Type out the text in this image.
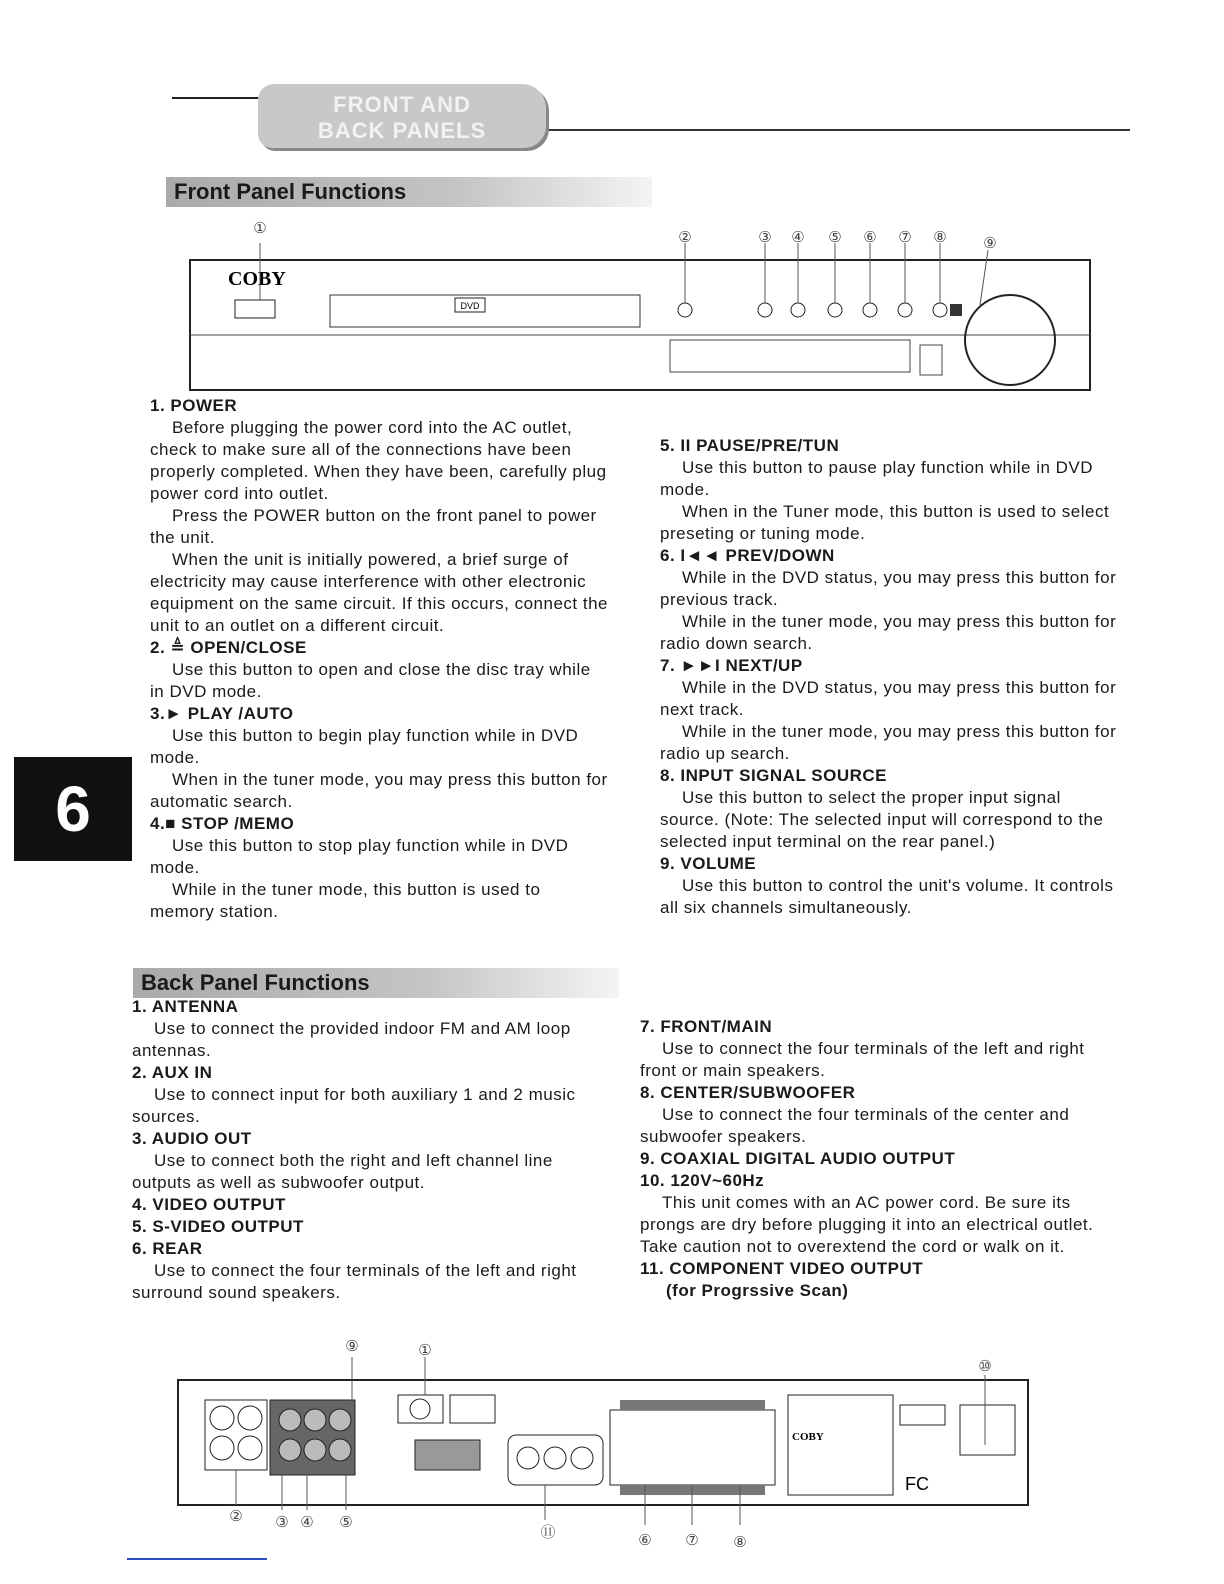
FRONT AND
BACK PANELS
Front Panel Functions
DVD
COBY
①	②	③ ④ ⑤ ⑥ ⑦ ⑧ ⑨
1. POWER
Before plugging the power cord into the AC outlet, check to make sure all of the connections have been properly completed. When they have been, carefully plug power cord into outlet.
Press the POWER button on the front panel to power the unit.
When the unit is initially powered, a brief surge of electricity may cause interference with other electronic equipment on the same circuit. If this occurs, connect the unit to an outlet on a different circuit.
2. ≜ OPEN/CLOSE
Use this button to open and close the disc tray while in DVD mode.
3.► PLAY /AUTO
Use this button to begin play function while in DVD mode.
When in the tuner mode, you may press this button for automatic search.
4.■ STOP /MEMO
Use this button to stop play function while in DVD mode.
While in the tuner mode, this button is used to memory station.
5. II PAUSE/PRE/TUN
Use this button to pause play function while in DVD mode.
When in the Tuner mode, this button is used to select preseting or tuning mode.
6. I◄◄ PREV/DOWN
While in the DVD status, you may press this button for previous track.
While in the tuner mode, you may press this button for radio down search.
7. ►►I NEXT/UP
While in the DVD status, you may press this button for next track.
While in the tuner mode, you may press this button for radio up search.
8. INPUT SIGNAL SOURCE
Use this button to select the proper input signal source. (Note: The selected input will correspond to the selected input terminal on the rear panel.)
9. VOLUME
Use this button to control the unit's volume. It controls all six channels simultaneously.
6
Back Panel Functions
1. ANTENNA
Use to connect the provided indoor FM and AM loop antennas.
2. AUX IN
Use to connect input for both auxiliary 1 and 2 music sources.
3. AUDIO OUT
Use to connect both the right and left channel line outputs as well as subwoofer output.
4. VIDEO OUTPUT
5. S-VIDEO OUTPUT
6. REAR
Use to connect the four terminals of the left and right surround sound speakers.
7. FRONT/MAIN
Use to connect the four terminals of the left and right front or main speakers.
8. CENTER/SUBWOOFER
Use to connect the four terminals of the center and subwoofer speakers.
9. COAXIAL DIGITAL AUDIO OUTPUT
10. 120V~60Hz
This unit comes with an AC power cord. Be sure its prongs are dry before plugging it into an electrical outlet. Take caution not to overextend the cord or walk on it.
11. COMPONENT VIDEO OUTPUT
(for Progrssive Scan)
COBY
FC
⑨	①
⑩
② ③ ④ ⑤
⑪	⑥ ⑦ ⑧
